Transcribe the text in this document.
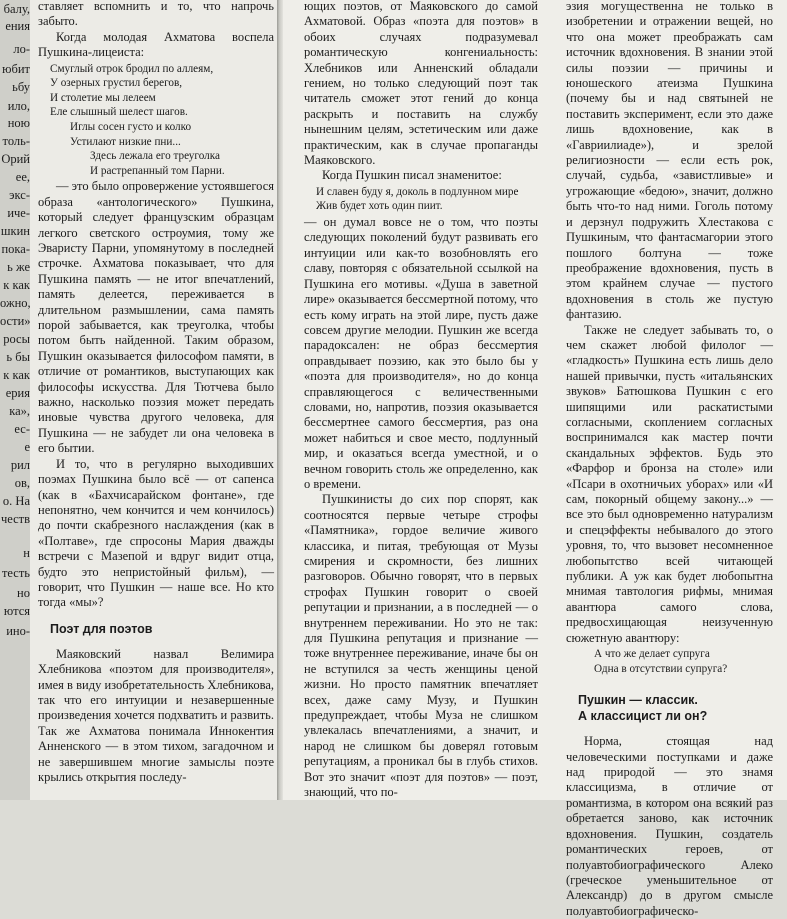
балу,
ения
ло-
юбит
ьбу
ило,
ною
толь-
Орий
ее,
экс-
иче-
шкин
пока-
ь же
к как
ожно,
ости»
росы
ь бы
к как
ерия
ка»,
ес-
е
рил
ов,
о. На
честв
н
тесть
но
ются
ино-

ставляет вспомнить и то, что напрочь забыто.

Когда молодая Ахматова воспела Пушкина-лицеиста:

Смуглый отрок бродил по аллеям,
У озерных грустил берегов,
И столетие мы лелеем
Еле слышный шелест шагов.
Иглы сосен густо и колко
Устилают низкие пни...
Здесь лежала его треуголка
И растрепанный том Парни.

— это было опровержение устоявшегося образа «антологического» Пушкина, который следует французским образцам легкого светского остроумия, тому же Эваристу Парни, упомянутому в последней строчке. Ахматова показывает, что для Пушкина память — не итог впечатлений, память делеется, переживается в длительном размышлении, сама память порой забывается, как треуголка, чтобы потом быть найденной. Таким образом, Пушкин оказывается философом памяти, в отличие от романтиков, выступающих как философы искусства. Для Тютчева было важно, насколько поэзия может передать иновые чувства другого человека, для Пушкина — не забудет ли она человека в его бытии.

И то, что в регулярно выходивших поэмах Пушкина было всё — от сапенса (как в «Бахчисарайском фонтане», где непонятно, чем кончится и чем кончилось) до почти скабрезного наслаждения (как в «Полтаве», где спросоны Мария дважды встречи с Мазепой и вдруг видит отца, будто это непристойный фильм), — говорит, что Пушкин — наше все. Но кто тогда «мы»?

Поэт для поэтов

Маяковский назвал Велимира Хлебникова «поэтом для производителя», имея в виду изобретательность Хлебникова, так что его интуиции и незавершенные произведения хочется подхватить и развить. Так же Ахматова понимала Иннокентия Анненского — в этом тихом, загадочном и не завершившем многие замыслы поэте крылись открытия последу-

ющих поэтов, от Маяковского до самой Ахматовой. Образ «поэта для поэтов» в обоих случаях подразумевал романтическую конгениальность: Хлебников или Анненский обладали гением, но только следующий поэт так читатель сможет этот гений до конца раскрыть и поставить на службу нынешним целям, эстетическим или даже практическим, как в случае пропаганды Маяковского.

Когда Пушкин писал знаменитое:

И славен буду я, доколь в подлунном мире
Жив будет хоть один пиит.

— он думал вовсе не о том, что поэты следующих поколений будут развивать его интуиции или как-то возобновлять его славу, повторяя с обязательной ссылкой на Пушкина его мотивы. «Душа в заветной лире» оказывается бессмертной потому, что есть кому играть на этой лире, пусть даже совсем другие мелодии. Пушкин же всегда парадоксален: не образ бессмертия оправдывает поэзию, как это было бы у «поэта для производителя», но до конца справляющегося с величественными словами, но, напротив, поэзия оказывается бессмертнее самого бессмертия, раз она может набиться и свое место, подлунный мир, и оказаться всегда уместной, и о вечном говорить столь же определенно, как о времени.

Пушкинисты до сих пор спорят, как соотносятся первые четыре строфы «Памятника», гордое величие живого классика, и питая, требующая от Музы смирения и скромности, без лишних разговоров. Обычно говорят, что в первых строфах Пушкин говорит о своей репутации и признании, а в последней — о внутреннем переживании. Но это не так: для Пушкина репутация и признание — тоже внутреннее переживание, иначе бы он не вступился за честь женщины ценой жизни. Но просто памятник впечатляет всех, даже саму Музу, и Пушкин предупреждает, чтобы Муза не слишком увлекалась впечатлениями, а значит, и народ не слишком бы доверял готовым репутациям, а проникал бы в глубь стихов. Вот это значит «поэт для поэтов» — поэт, знающий, что по-

эзия могущественна не только в изобретении и отражении вещей, но что она может преображать сам источник вдохновения. В знании этой силы поэзии — причины и юношеского атеизма Пушкина (почему бы и над святыней не поставить эксперимент, если это даже лишь вдохновение, как в «Гавриилиаде»), и зрелой религиозности — если есть рок, случай, судьба, «завистливые» и угрожающие «бедою», значит, должно быть что-то над ними. Гоголь потому и дерзнул подружить Хлестакова с Пушкиным, что фантасмагории этого пошлого болтуна — тоже преображение вдохновения, пусть в этом крайнем случае — пустого вдохновения в столь же пустую фантазию.

Также не следует забывать то, о чем скажет любой филолог — «гладкость» Пушкина есть лишь дело нашей привычки, пусть «итальянских звуков» Батюшкова Пушкин с его шипящими или раскатистыми согласными, скоплением согласных воспринимался как мастер почти скандальных эффектов. Будь это «Фарфор и бронза на столе» или «Псари в охотничьих уборах» или «И сам, покорный общему закону...» — все это был одновременно натурализм и спецэффекты небывалого до этого уровня, то, что вызовет несомненное любопытство всей читающей публики. А уж как будет любопытна мнимая тавтология рифмы, мнимая авантюра самого слова, предвосхищающая неизученную сюжетную авантюру:

А что же делает супруга
Одна в отсутствии супруга?
Пушкин — классик.
А классицист ли он?

Норма, стоящая над человеческими поступками и даже над природой — это знамя классицизма, в отличие от романтизма, в котором она всякий раз обретается заново, как источник вдохновения. Пушкин, создатель романтических героев, от полуавтобиографического Алеко (греческое уменьшительное от Александр) до в другом смысле полуавтобиографическо-
